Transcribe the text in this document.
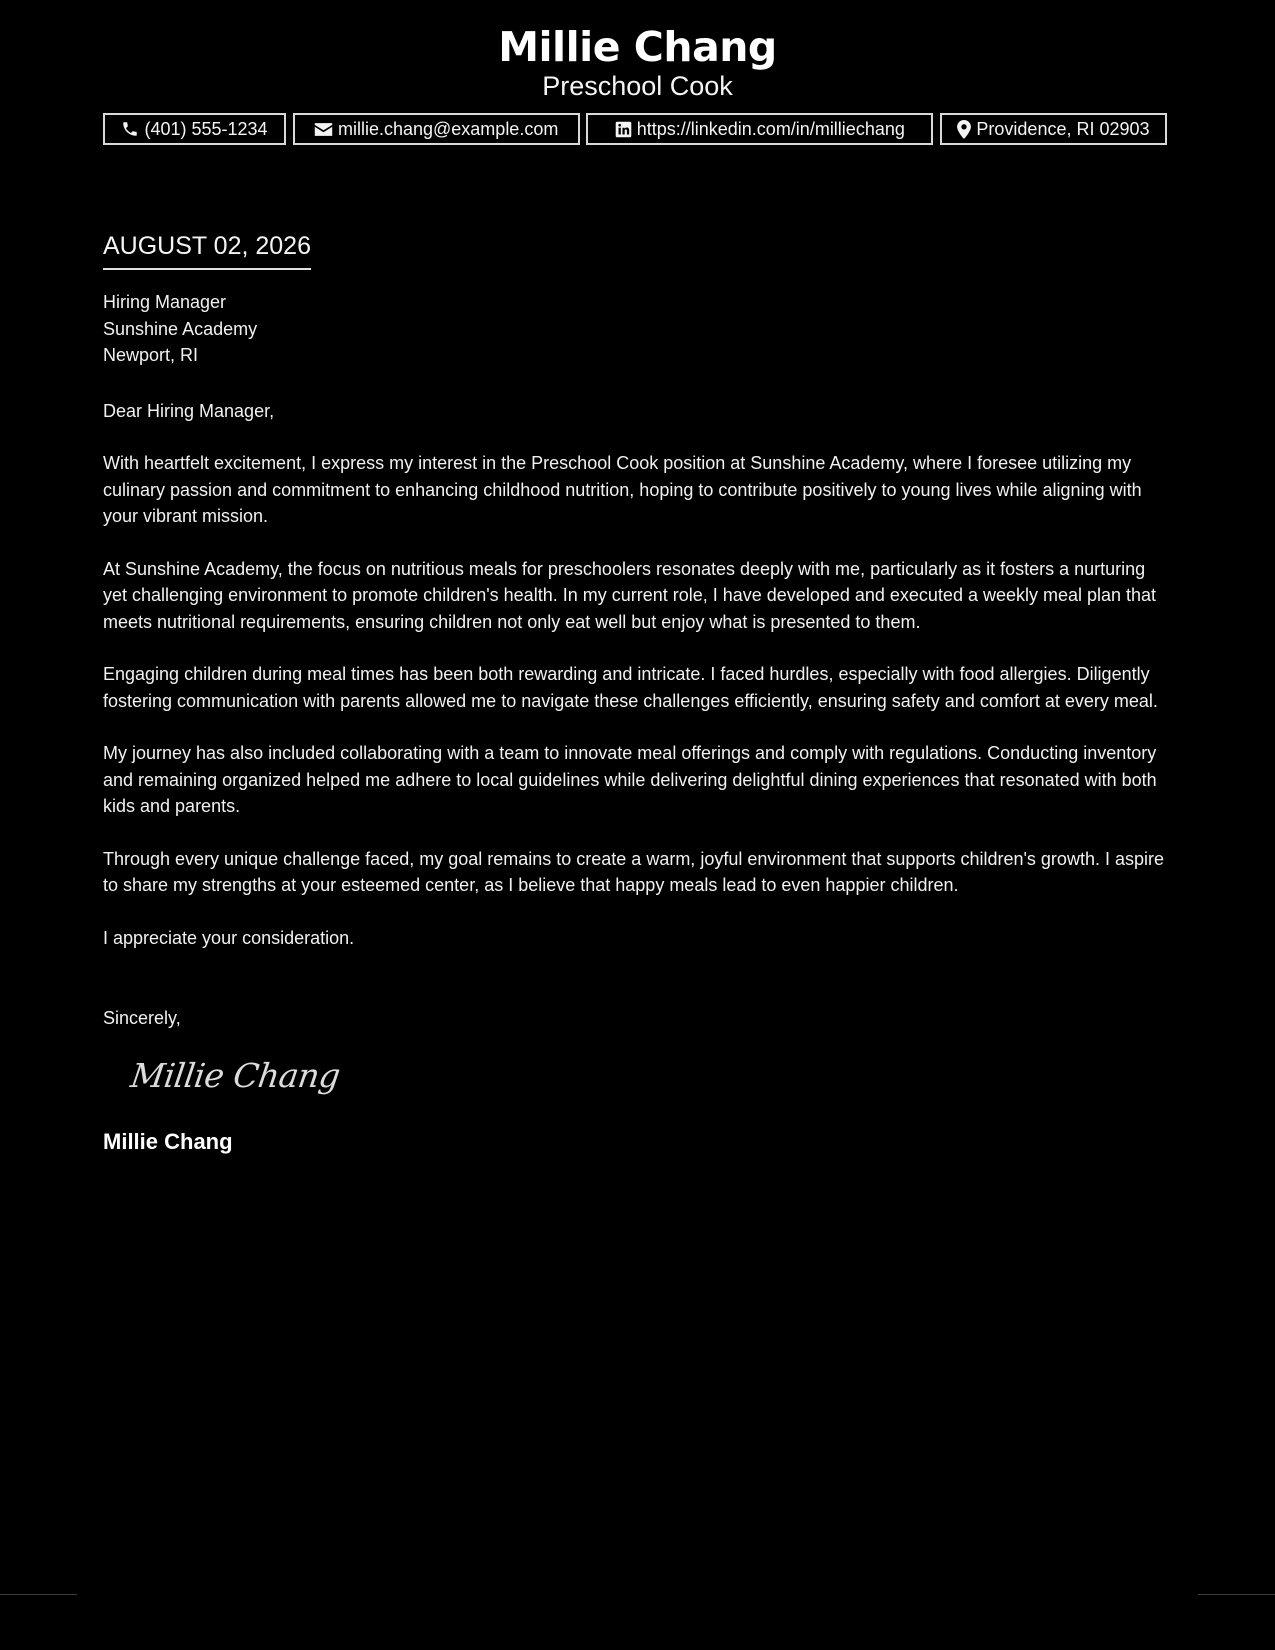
Millie Chang
Preschool Cook
(401) 555-1234	millie.chang@example.com	https://linkedin.com/in/milliechang	Providence, RI 02903
AUGUST 02, 2026
Hiring Manager
Sunshine Academy
Newport, RI
Dear Hiring Manager,
With heartfelt excitement, I express my interest in the Preschool Cook position at Sunshine Academy, where I foresee utilizing my culinary passion and commitment to enhancing childhood nutrition, hoping to contribute positively to young lives while aligning with your vibrant mission.
At Sunshine Academy, the focus on nutritious meals for preschoolers resonates deeply with me, particularly as it fosters a nurturing yet challenging environment to promote children's health. In my current role, I have developed and executed a weekly meal plan that meets nutritional requirements, ensuring children not only eat well but enjoy what is presented to them.
Engaging children during meal times has been both rewarding and intricate. I faced hurdles, especially with food allergies. Diligently fostering communication with parents allowed me to navigate these challenges efficiently, ensuring safety and comfort at every meal.
My journey has also included collaborating with a team to innovate meal offerings and comply with regulations. Conducting inventory and remaining organized helped me adhere to local guidelines while delivering delightful dining experiences that resonated with both kids and parents.
Through every unique challenge faced, my goal remains to create a warm, joyful environment that supports children's growth. I aspire to share my strengths at your esteemed center, as I believe that happy meals lead to even happier children.
I appreciate your consideration.
Sincerely,
Millie Chang
Millie Chang
